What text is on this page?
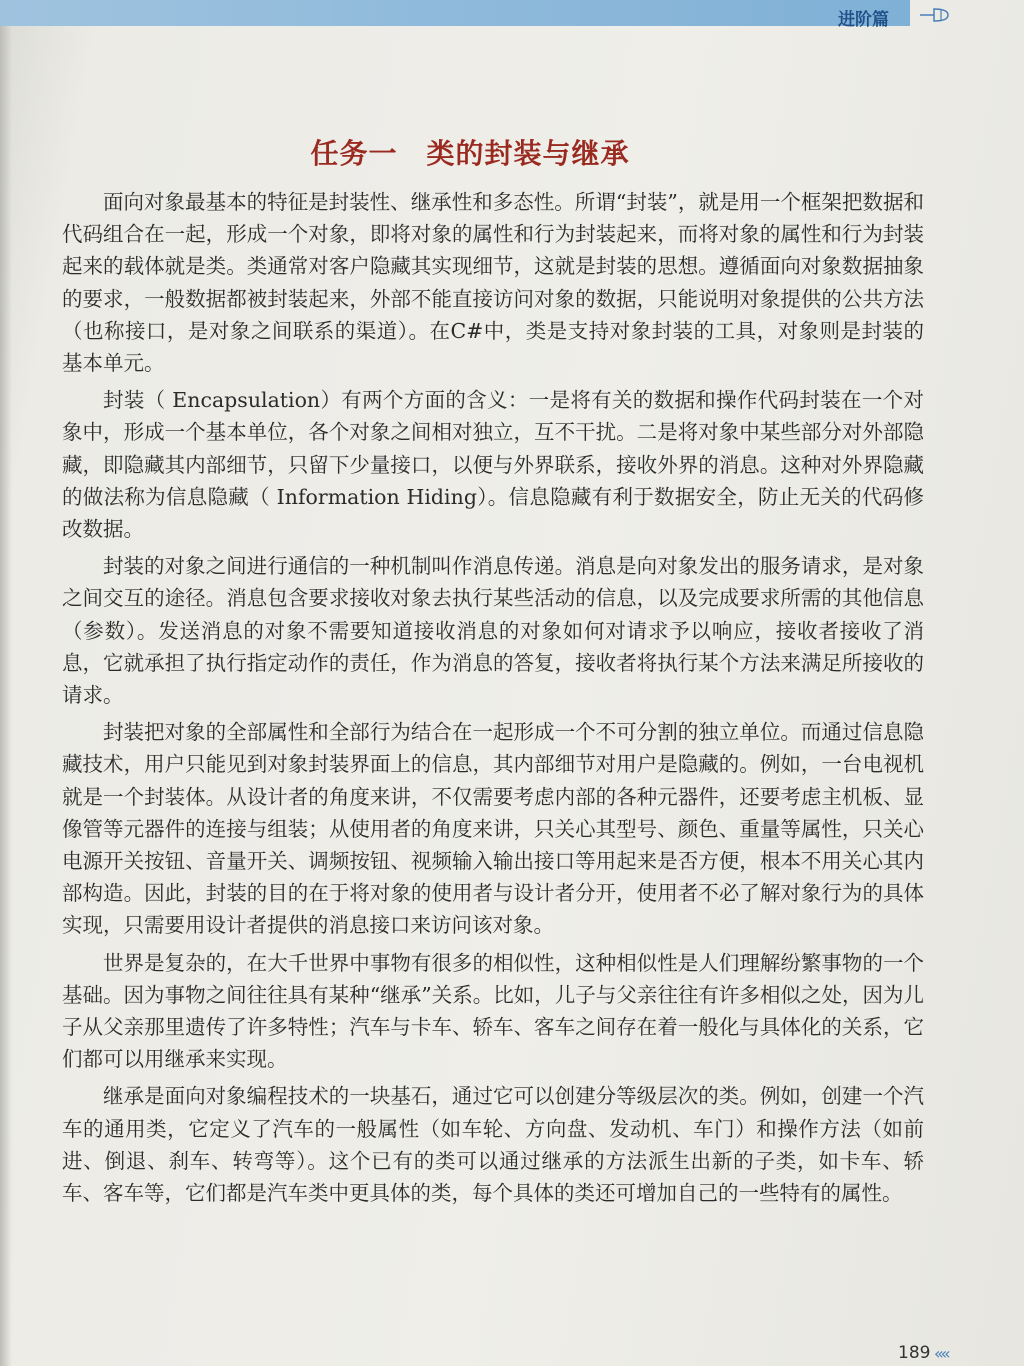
进阶篇
任务一　类的封装与继承

面向对象最基本的特征是封装性、继承性和多态性。所谓“封装”，就是用一个框架把数据和代码组合在一起，形成一个对象，即将对象的属性和行为封装起来，而将对象的属性和行为封装起来的载体就是类。类通常对客户隐藏其实现细节，这就是封装的思想。遵循面向对象数据抽象的要求，一般数据都被封装起来，外部不能直接访问对象的数据，只能说明对象提供的公共方法（也称接口，是对象之间联系的渠道）。在C#中，类是支持对象封装的工具，对象则是封装的基本单元。

封装（ Encapsulation）有两个方面的含义：一是将有关的数据和操作代码封装在一个对象中，形成一个基本单位，各个对象之间相对独立，互不干扰。二是将对象中某些部分对外部隐藏，即隐藏其内部细节，只留下少量接口，以便与外界联系，接收外界的消息。这种对外界隐藏的做法称为信息隐藏（ Information Hiding）。信息隐藏有利于数据安全，防止无关的代码修改数据。

封装的对象之间进行通信的一种机制叫作消息传递。消息是向对象发出的服务请求，是对象之间交互的途径。消息包含要求接收对象去执行某些活动的信息，以及完成要求所需的其他信息（参数）。发送消息的对象不需要知道接收消息的对象如何对请求予以响应，接收者接收了消息，它就承担了执行指定动作的责任，作为消息的答复，接收者将执行某个方法来满足所接收的请求。

封装把对象的全部属性和全部行为结合在一起形成一个不可分割的独立单位。而通过信息隐藏技术，用户只能见到对象封装界面上的信息，其内部细节对用户是隐藏的。例如，一台电视机就是一个封装体。从设计者的角度来讲，不仅需要考虑内部的各种元器件，还要考虑主机板、显像管等元器件的连接与组装；从使用者的角度来讲，只关心其型号、颜色、重量等属性，只关心电源开关按钮、音量开关、调频按钮、视频输入输出接口等用起来是否方便，根本不用关心其内部构造。因此，封装的目的在于将对象的使用者与设计者分开，使用者不必了解对象行为的具体实现，只需要用设计者提供的消息接口来访问该对象。

世界是复杂的，在大千世界中事物有很多的相似性，这种相似性是人们理解纷繁事物的一个基础。因为事物之间往往具有某种“继承”关系。比如，儿子与父亲往往有许多相似之处，因为儿子从父亲那里遗传了许多特性；汽车与卡车、轿车、客车之间存在着一般化与具体化的关系，它们都可以用继承来实现。

继承是面向对象编程技术的一块基石，通过它可以创建分等级层次的类。例如，创建一个汽车的通用类，它定义了汽车的一般属性（如车轮、方向盘、发动机、车门）和操作方法（如前进、倒退、刹车、转弯等）。这个已有的类可以通过继承的方法派生出新的子类，如卡车、轿车、客车等，它们都是汽车类中更具体的类，每个具体的类还可增加自己的一些特有的属性。

189 ‹‹‹‹
